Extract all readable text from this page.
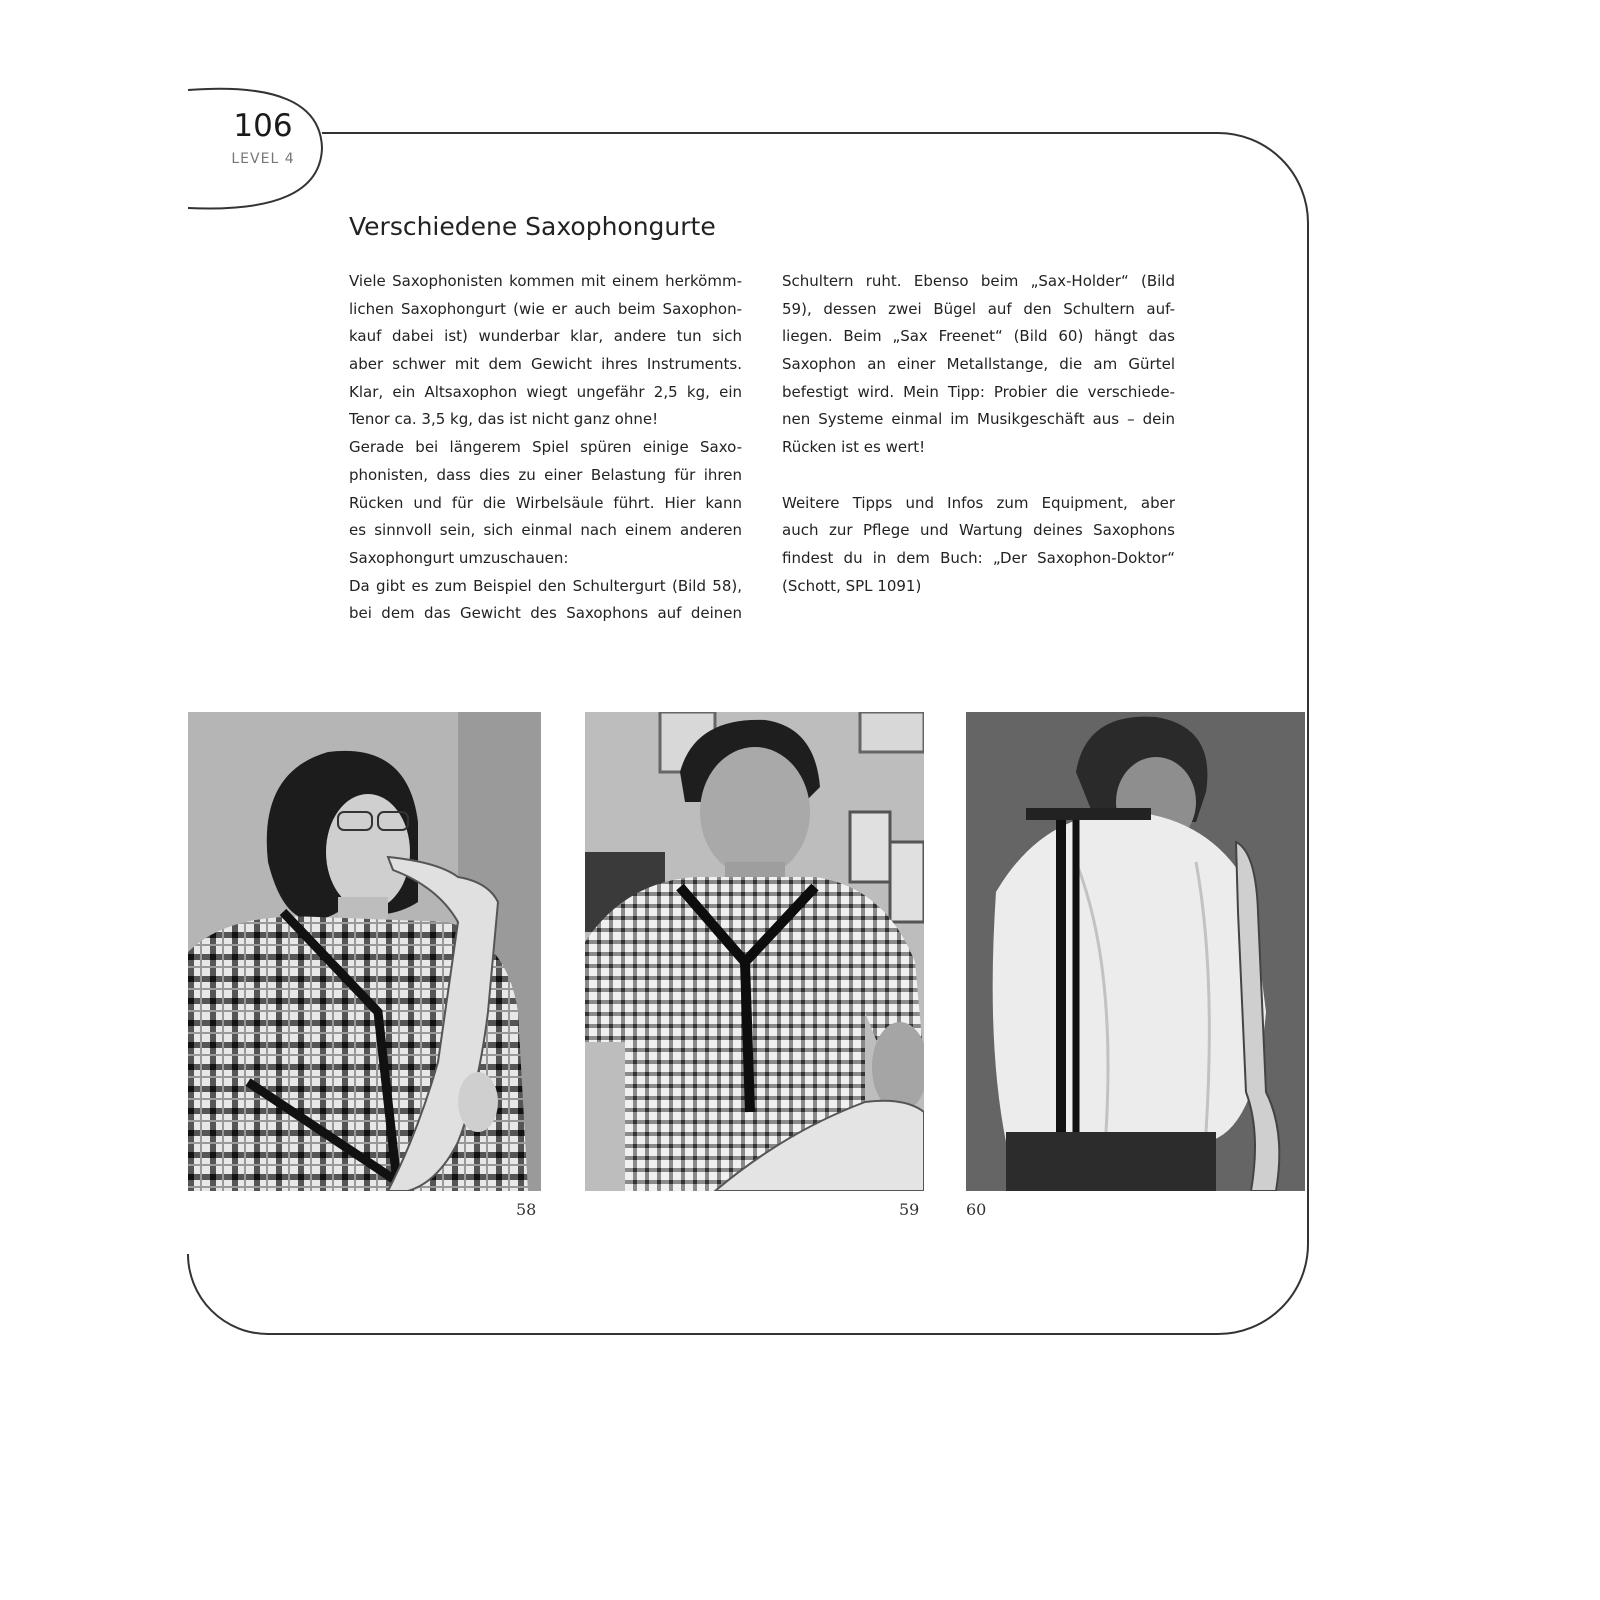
106
LEVEL 4
Verschiedene Saxophongurte
Viele Saxophonisten kommen mit einem herkömm-
lichen Saxophongurt (wie er auch beim Saxophon-
kauf dabei ist) wunderbar klar, andere tun sich
aber schwer mit dem Gewicht ihres Instruments.
Klar, ein Altsaxophon wiegt ungefähr 2,5 kg, ein
Tenor ca. 3,5 kg, das ist nicht ganz ohne!
Gerade bei längerem Spiel spüren einige Saxo-
phonisten, dass dies zu einer Belastung für ihren
Rücken und für die Wirbelsäule führt. Hier kann
es sinnvoll sein, sich einmal nach einem anderen
Saxophongurt umzuschauen:
Da gibt es zum Beispiel den Schultergurt (Bild 58),
bei dem das Gewicht des Saxophons auf deinen
Schultern ruht. Ebenso beim „Sax-Holder“ (Bild
59), dessen zwei Bügel auf den Schultern auf-
liegen. Beim „Sax Freenet“ (Bild 60) hängt das
Saxophon an einer Metallstange, die am Gürtel
befestigt wird. Mein Tipp: Probier die verschiede-
nen Systeme einmal im Musikgeschäft aus – dein
Rücken ist es wert!
Weitere Tipps und Infos zum Equipment, aber
auch zur Pflege und Wartung deines Saxophons
findest du in dem Buch: „Der Saxophon-Doktor“
(Schott, SPL 1091)
58	59	60
